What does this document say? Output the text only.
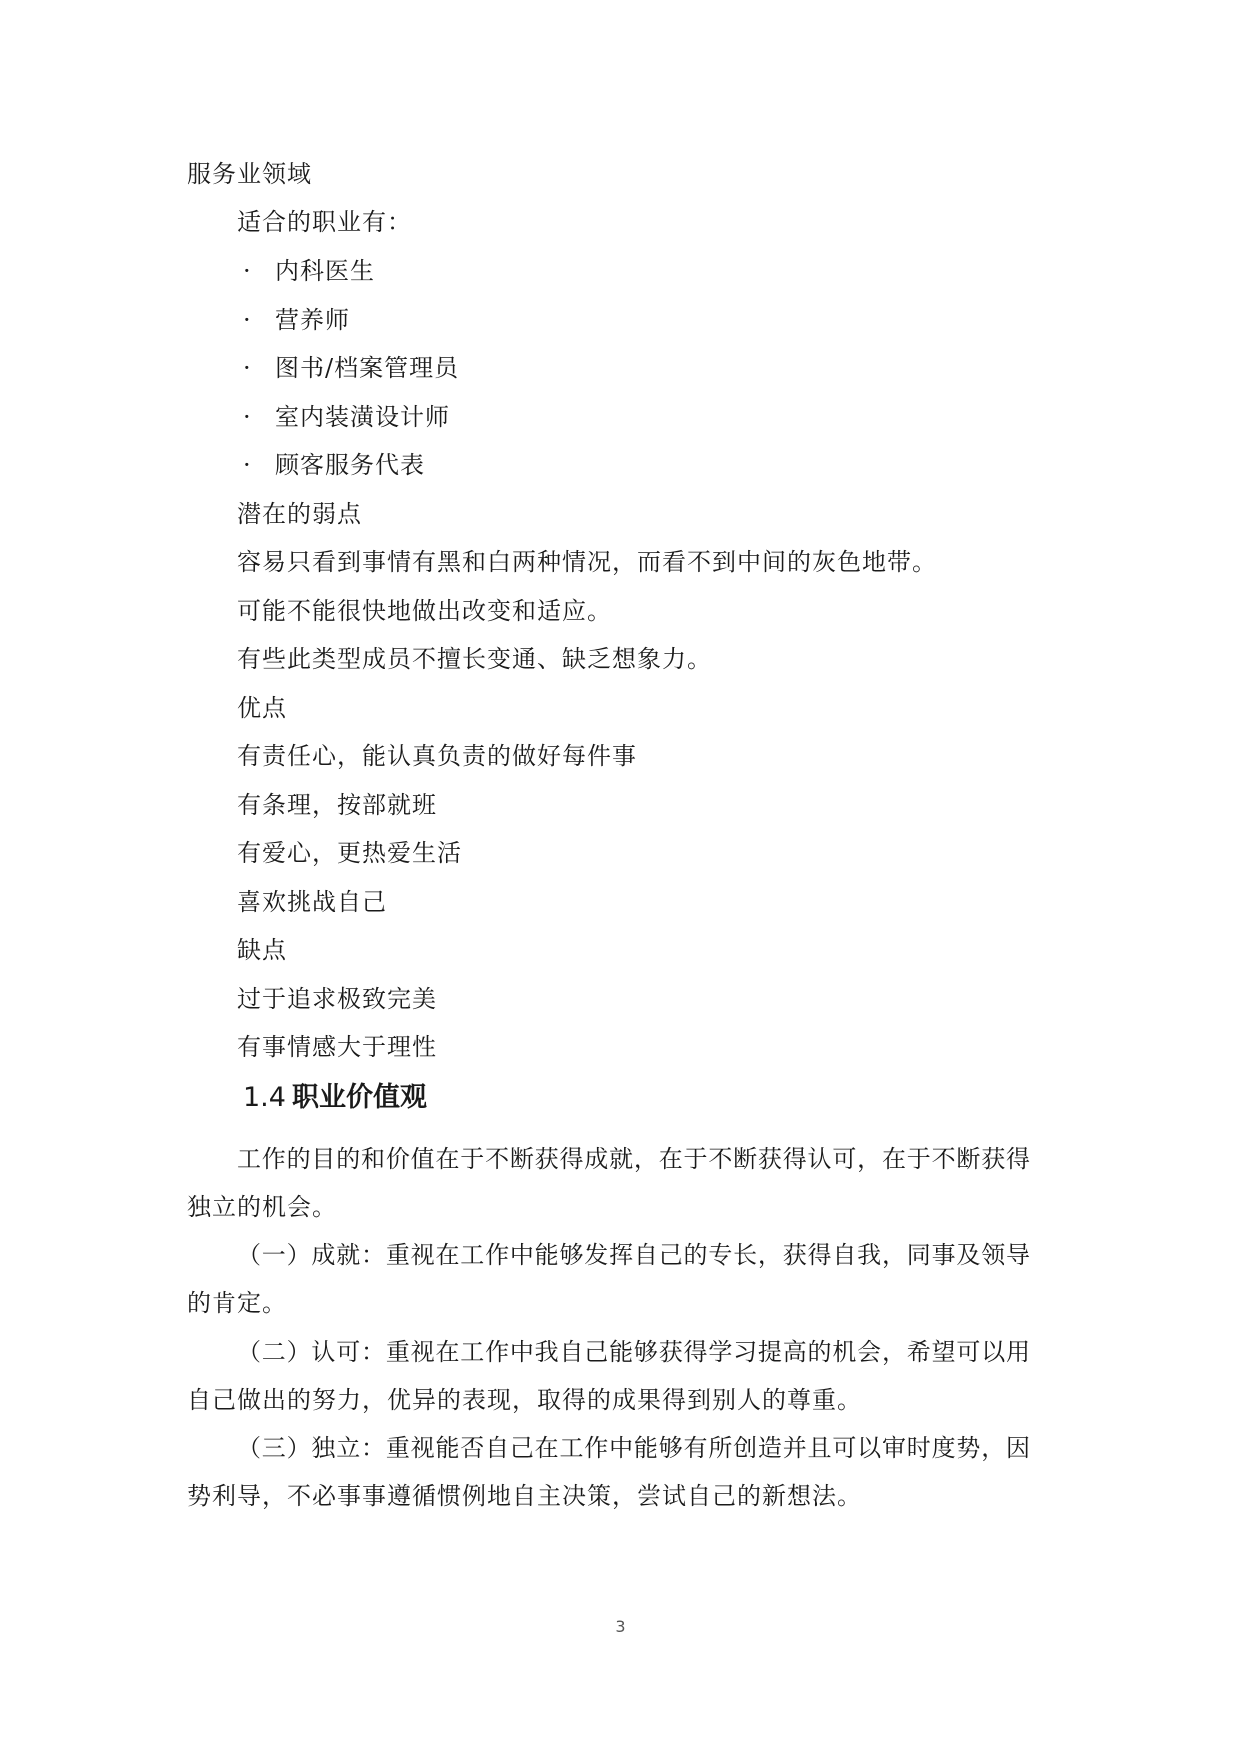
服务业领域
适合的职业有：
· 内科医生
· 营养师
· 图书/档案管理员
· 室内装潢设计师
· 顾客服务代表
潜在的弱点
容易只看到事情有黑和白两种情况，而看不到中间的灰色地带。
可能不能很快地做出改变和适应。
有些此类型成员不擅长变通、缺乏想象力。
优点
有责任心，能认真负责的做好每件事
有条理，按部就班
有爱心，更热爱生活
喜欢挑战自己
缺点
过于追求极致完美
有事情感大于理性
1.4 职业价值观
工作的目的和价值在于不断获得成就，在于不断获得认可，在于不断获得
独立的机会。
（一）成就：重视在工作中能够发挥自己的专长，获得自我，同事及领导
的肯定。
（二）认可：重视在工作中我自己能够获得学习提高的机会，希望可以用
自己做出的努力，优异的表现，取得的成果得到别人的尊重。
（三）独立：重视能否自己在工作中能够有所创造并且可以审时度势，因
势利导，不必事事遵循惯例地自主决策，尝试自己的新想法。
3
